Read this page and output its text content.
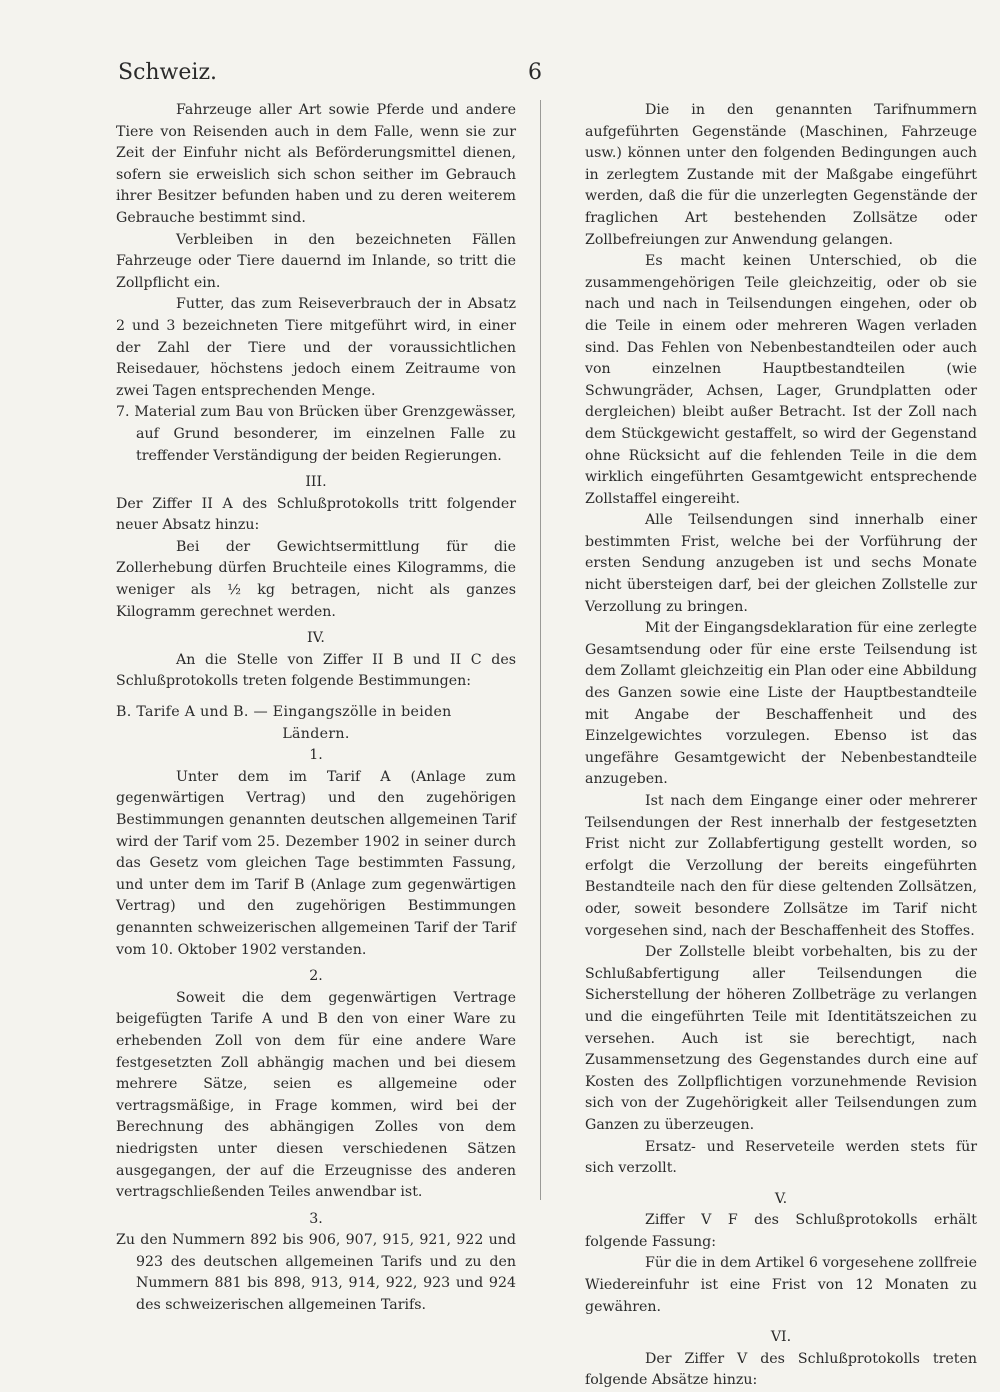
Schweiz.	6

Fahrzeuge aller Art sowie Pferde und andere Tiere von Reisenden auch in dem Falle, wenn sie zur Zeit der Einfuhr nicht als Beförderungsmittel dienen, sofern sie erweislich sich schon seither im Gebrauch ihrer Besitzer befunden haben und zu deren weiterem Gebrauche bestimmt sind.

Verbleiben in den bezeichneten Fällen Fahrzeuge oder Tiere dauernd im Inlande, so tritt die Zollpflicht ein.

Futter, das zum Reiseverbrauch der in Absatz 2 und 3 bezeichneten Tiere mitgeführt wird, in einer der Zahl der Tiere und der voraussichtlichen Reisedauer, höchstens jedoch einem Zeitraume von zwei Tagen entsprechenden Menge.

7. Material zum Bau von Brücken über Grenzgewässer, auf Grund besonderer, im einzelnen Falle zu treffender Verständigung der beiden Regierungen.

III.

Der Ziffer II A des Schlußprotokolls tritt folgender neuer Absatz hinzu:

Bei der Gewichtsermittlung für die Zollerhebung dürfen Bruchteile eines Kilogramms, die weniger als ½ kg betragen, nicht als ganzes Kilogramm gerechnet werden.

IV.

An die Stelle von Ziffer II B und II C des Schlußprotokolls treten folgende Bestimmungen:

B. Tarife A und B. — Eingangszölle in beiden
Ländern.

1.

Unter dem im Tarif A (Anlage zum gegenwärtigen Vertrag) und den zugehörigen Bestimmungen genannten deutschen allgemeinen Tarif wird der Tarif vom 25. Dezember 1902 in seiner durch das Gesetz vom gleichen Tage bestimmten Fassung, und unter dem im Tarif B (Anlage zum gegenwärtigen Vertrag) und den zugehörigen Bestimmungen genannten schweizerischen allgemeinen Tarif der Tarif vom 10. Oktober 1902 verstanden.

2.

Soweit die dem gegenwärtigen Vertrage beigefügten Tarife A und B den von einer Ware zu erhebenden Zoll von dem für eine andere Ware festgesetzten Zoll abhängig machen und bei diesem mehrere Sätze, seien es allgemeine oder vertragsmäßige, in Frage kommen, wird bei der Berechnung des abhängigen Zolles von dem niedrigsten unter diesen verschiedenen Sätzen ausgegangen, der auf die Erzeugnisse des anderen vertragschließenden Teiles anwendbar ist.

3.

Zu den Nummern 892 bis 906, 907, 915, 921, 922 und 923 des deutschen allgemeinen Tarifs und zu den Nummern 881 bis 898, 913, 914, 922, 923 und 924 des schweizerischen allgemeinen Tarifs.

Die in den genannten Tarifnummern aufgeführten Gegenstände (Maschinen, Fahrzeuge usw.) können unter den folgenden Bedingungen auch in zerlegtem Zustande mit der Maßgabe eingeführt werden, daß die für die unzerlegten Gegenstände der fraglichen Art bestehenden Zollsätze oder Zollbefreiungen zur Anwendung gelangen.

Es macht keinen Unterschied, ob die zusammengehörigen Teile gleichzeitig, oder ob sie nach und nach in Teilsendungen eingehen, oder ob die Teile in einem oder mehreren Wagen verladen sind. Das Fehlen von Nebenbestandteilen oder auch von einzelnen Hauptbestandteilen (wie Schwungräder, Achsen, Lager, Grundplatten oder dergleichen) bleibt außer Betracht. Ist der Zoll nach dem Stückgewicht gestaffelt, so wird der Gegenstand ohne Rücksicht auf die fehlenden Teile in die dem wirklich eingeführten Gesamtgewicht entsprechende Zollstaffel eingereiht.

Alle Teilsendungen sind innerhalb einer bestimmten Frist, welche bei der Vorführung der ersten Sendung anzugeben ist und sechs Monate nicht übersteigen darf, bei der gleichen Zollstelle zur Verzollung zu bringen.

Mit der Eingangsdeklaration für eine zerlegte Gesamtsendung oder für eine erste Teilsendung ist dem Zollamt gleichzeitig ein Plan oder eine Abbildung des Ganzen sowie eine Liste der Hauptbestandteile mit Angabe der Beschaffenheit und des Einzelgewichtes vorzulegen. Ebenso ist das ungefähre Gesamtgewicht der Nebenbestandteile anzugeben.

Ist nach dem Eingange einer oder mehrerer Teilsendungen der Rest innerhalb der festgesetzten Frist nicht zur Zollabfertigung gestellt worden, so erfolgt die Verzollung der bereits eingeführten Bestandteile nach den für diese geltenden Zollsätzen, oder, soweit besondere Zollsätze im Tarif nicht vorgesehen sind, nach der Beschaffenheit des Stoffes.

Der Zollstelle bleibt vorbehalten, bis zu der Schlußabfertigung aller Teilsendungen die Sicherstellung der höheren Zollbeträge zu verlangen und die eingeführten Teile mit Identitätszeichen zu versehen. Auch ist sie berechtigt, nach Zusammensetzung des Gegenstandes durch eine auf Kosten des Zollpflichtigen vorzunehmende Revision sich von der Zugehörigkeit aller Teilsendungen zum Ganzen zu überzeugen.

Ersatz- und Reserveteile werden stets für sich verzollt.

V.

Ziffer V F des Schlußprotokolls erhält folgende Fassung:

Für die in dem Artikel 6 vorgesehene zollfreie Wiedereinfuhr ist eine Frist von 12 Monaten zu gewähren.

VI.

Der Ziffer V des Schlußprotokolls treten folgende Absätze hinzu:
